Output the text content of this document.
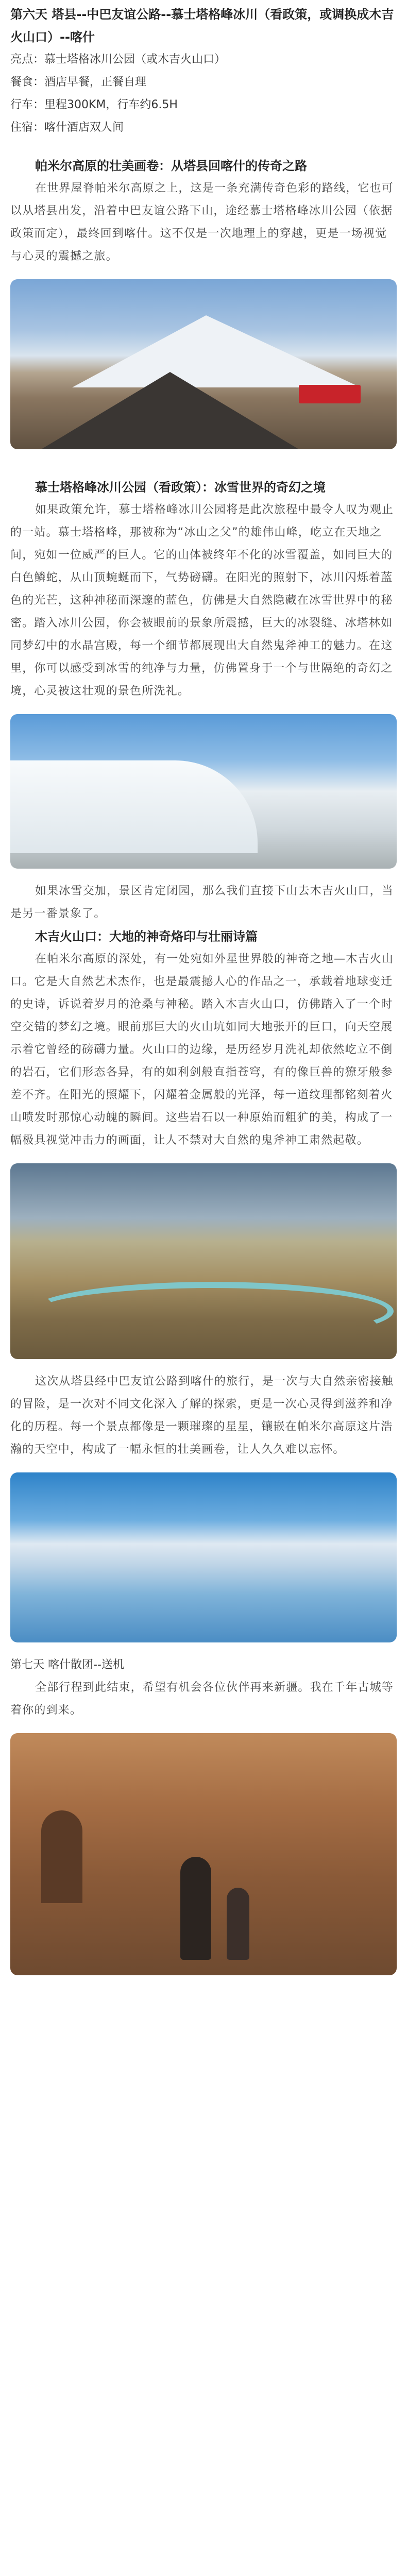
第六天 塔县--中巴友谊公路--慕士塔格峰冰川（看政策，或调换成木吉火山口）--喀什

亮点：慕士塔格冰川公园（或木吉火山口）

餐食：酒店早餐，正餐自理

行车：里程300KM，行车约6.5H

住宿：喀什酒店双人间

帕米尔高原的壮美画卷：从塔县回喀什的传奇之路

在世界屋脊帕米尔高原之上，这是一条充满传奇色彩的路线，它也可以从塔县出发，沿着中巴友谊公路下山，途经慕士塔格峰冰川公园（依据政策而定），最终回到喀什。这不仅是一次地理上的穿越，更是一场视觉与心灵的震撼之旅。

慕士塔格峰冰川公园（看政策）：冰雪世界的奇幻之境

如果政策允许，慕士塔格峰冰川公园将是此次旅程中最令人叹为观止的一站。慕士塔格峰，那被称为“冰山之父”的雄伟山峰，屹立在天地之间，宛如一位威严的巨人。它的山体被终年不化的冰雪覆盖，如同巨大的白色鳞蛇，从山顶蜿蜒而下，气势磅礴。在阳光的照射下，冰川闪烁着蓝色的光芒，这种神秘而深邃的蓝色，仿佛是大自然隐藏在冰雪世界中的秘密。踏入冰川公园，你会被眼前的景象所震撼，巨大的冰裂缝、冰塔林如同梦幻中的水晶宫殿，每一个细节都展现出大自然鬼斧神工的魅力。在这里，你可以感受到冰雪的纯净与力量，仿佛置身于一个与世隔绝的奇幻之境，心灵被这壮观的景色所洗礼。

如果冰雪交加，景区肯定闭园，那么我们直接下山去木吉火山口，当是另一番景象了。

木吉火山口：大地的神奇烙印与壮丽诗篇

在帕米尔高原的深处，有一处宛如外星世界般的神奇之地—木吉火山口。它是大自然艺术杰作，也是最震撼人心的作品之一，承载着地球变迁的史诗，诉说着岁月的沧桑与神秘。踏入木吉火山口，仿佛踏入了一个时空交错的梦幻之境。眼前那巨大的火山坑如同大地张开的巨口，向天空展示着它曾经的磅礴力量。火山口的边缘，是历经岁月洗礼却依然屹立不倒的岩石，它们形态各异，有的如利剑般直指苍穹，有的像巨兽的獠牙般参差不齐。在阳光的照耀下，闪耀着金属般的光泽，每一道纹理都铭刻着火山喷发时那惊心动魄的瞬间。这些岩石以一种原始而粗犷的美，构成了一幅极具视觉冲击力的画面，让人不禁对大自然的鬼斧神工肃然起敬。

这次从塔县经中巴友谊公路到喀什的旅行，是一次与大自然亲密接触的冒险，是一次对不同文化深入了解的探索，更是一次心灵得到滋养和净化的历程。每一个景点都像是一颗璀璨的星星，镶嵌在帕米尔高原这片浩瀚的天空中，构成了一幅永恒的壮美画卷，让人久久难以忘怀。

第七天 喀什散团--送机

全部行程到此结束，希望有机会各位伙伴再来新疆。我在千年古城等着你的到来。
